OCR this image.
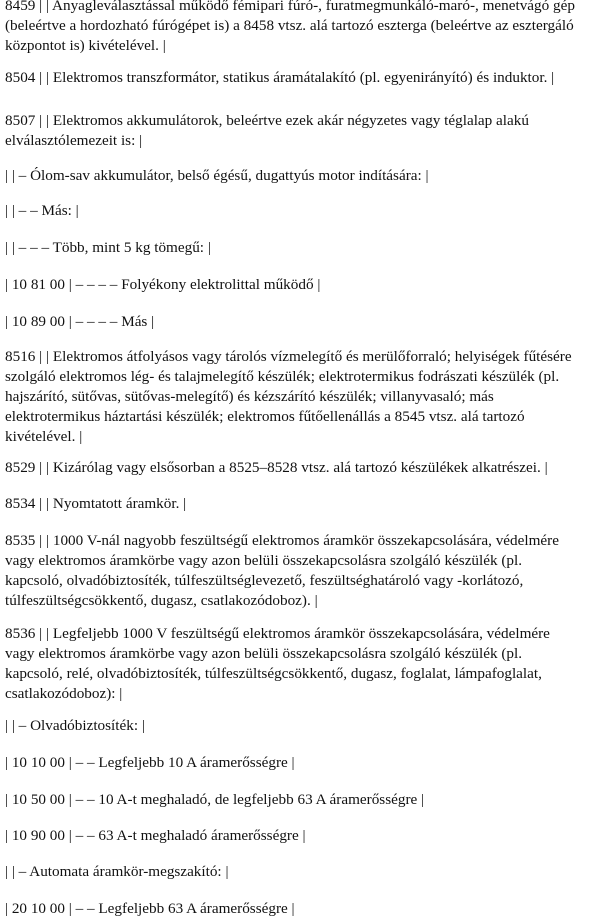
8459 | | Anyagleválasztással működő fémipari fúró-, furatmegmunkáló-maró-, menetvágó gép
(beleértve a hordozható fúrógépet is) a 8458 vtsz. alá tartozó eszterga (beleértve az esztergáló
központot is) kivételével. |
8504 | | Elektromos transzformátor, statikus áramátalakító (pl. egyenirányító) és induktor. |
8507 | | Elektromos akkumulátorok, beleértve ezek akár négyzetes vagy téglalap alakú
elválasztólemezeit is: |
| | – Ólom-sav akkumulátor, belső égésű, dugattyús motor indítására: |
| | – – Más: |
| | – – – Több, mint 5 kg tömegű: |
| 10 81 00 | – – – – Folyékony elektrolittal működő |
| 10 89 00 | – – – – Más |
8516 | | Elektromos átfolyásos vagy tárolós vízmelegítő és merülőforraló; helyiségek fűtésére
szolgáló elektromos lég- és talajmelegítő készülék; elektrotermikus fodrászati készülék (pl.
hajszárító, sütővas, sütővas-melegítő) és kézszárító készülék; villanyvasaló; más
elektrotermikus háztartási készülék; elektromos fűtőellenállás a 8545 vtsz. alá tartozó
kivételével. |
8529 | | Kizárólag vagy elsősorban a 8525–8528 vtsz. alá tartozó készülékek alkatrészei. |
8534 | | Nyomtatott áramkör. |
8535 | | 1000 V-nál nagyobb feszültségű elektromos áramkör összekapcsolására, védelmére
vagy elektromos áramkörbe vagy azon belüli összekapcsolásra szolgáló készülék (pl.
kapcsoló, olvadóbiztosíték, túlfeszültséglevezető, feszültséghatároló vagy -korlátozó,
túlfeszültségcsökkentő, dugasz, csatlakozódoboz). |
8536 | | Legfeljebb 1000 V feszültségű elektromos áramkör összekapcsolására, védelmére
vagy elektromos áramkörbe vagy azon belüli összekapcsolásra szolgáló készülék (pl.
kapcsoló, relé, olvadóbiztosíték, túlfeszültségcsökkentő, dugasz, foglalat, lámpafoglalat,
csatlakozódoboz): |
| | – Olvadóbiztosíték: |
| 10 10 00 | – – Legfeljebb 10 A áramerősségre |
| 10 50 00 | – – 10 A-t meghaladó, de legfeljebb 63 A áramerősségre |
| 10 90 00 | – – 63 A-t meghaladó áramerősségre |
| | – Automata áramkör-megszakító: |
| 20 10 00 | – – Legfeljebb 63 A áramerősségre |
